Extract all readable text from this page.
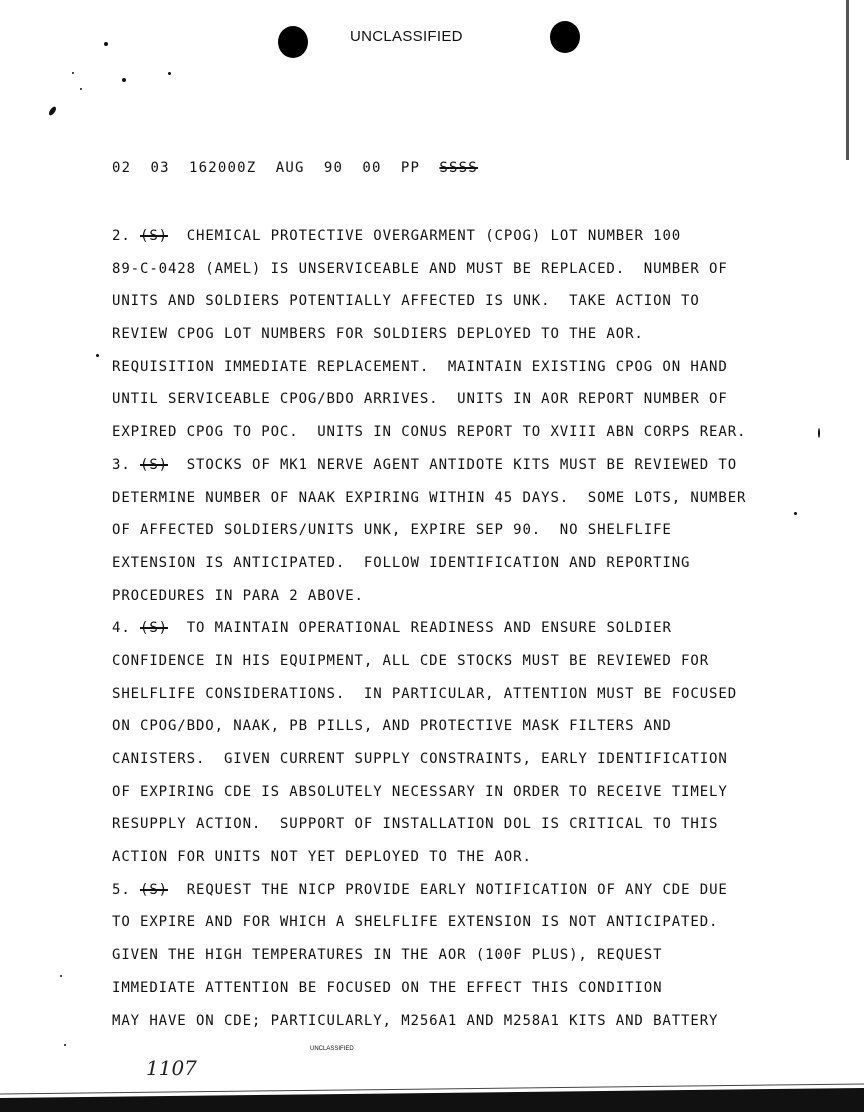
UNCLASSIFIED
02  03  162000Z  AUG  90  00  PP SSSS
2. (S) CHEMICAL PROTECTIVE OVERGARMENT (CPOG) LOT NUMBER 100
89-C-0428 (AMEL) IS UNSERVICEABLE AND MUST BE REPLACED.  NUMBER OF
UNITS AND SOLDIERS POTENTIALLY AFFECTED IS UNK.  TAKE ACTION TO
REVIEW CPOG LOT NUMBERS FOR SOLDIERS DEPLOYED TO THE AOR.
REQUISITION IMMEDIATE REPLACEMENT.  MAINTAIN EXISTING CPOG ON HAND
UNTIL SERVICEABLE CPOG/BDO ARRIVES.  UNITS IN AOR REPORT NUMBER OF
EXPIRED CPOG TO POC.  UNITS IN CONUS REPORT TO XVIII ABN CORPS REAR.
3. (S) STOCKS OF MK1 NERVE AGENT ANTIDOTE KITS MUST BE REVIEWED TO
DETERMINE NUMBER OF NAAK EXPIRING WITHIN 45 DAYS.  SOME LOTS, NUMBER
OF AFFECTED SOLDIERS/UNITS UNK, EXPIRE SEP 90.  NO SHELFLIFE
EXTENSION IS ANTICIPATED.  FOLLOW IDENTIFICATION AND REPORTING
PROCEDURES IN PARA 2 ABOVE.
4. (S) TO MAINTAIN OPERATIONAL READINESS AND ENSURE SOLDIER
CONFIDENCE IN HIS EQUIPMENT, ALL CDE STOCKS MUST BE REVIEWED FOR
SHELFLIFE CONSIDERATIONS.  IN PARTICULAR, ATTENTION MUST BE FOCUSED
ON CPOG/BDO, NAAK, PB PILLS, AND PROTECTIVE MASK FILTERS AND
CANISTERS.  GIVEN CURRENT SUPPLY CONSTRAINTS, EARLY IDENTIFICATION
OF EXPIRING CDE IS ABSOLUTELY NECESSARY IN ORDER TO RECEIVE TIMELY
RESUPPLY ACTION.  SUPPORT OF INSTALLATION DOL IS CRITICAL TO THIS
ACTION FOR UNITS NOT YET DEPLOYED TO THE AOR.
5. (S) REQUEST THE NICP PROVIDE EARLY NOTIFICATION OF ANY CDE DUE
TO EXPIRE AND FOR WHICH A SHELFLIFE EXTENSION IS NOT ANTICIPATED.
GIVEN THE HIGH TEMPERATURES IN THE AOR (100F PLUS), REQUEST
IMMEDIATE ATTENTION BE FOCUSED ON THE EFFECT THIS CONDITION
MAY HAVE ON CDE; PARTICULARLY, M256A1 AND M258A1 KITS AND BATTERY
UNCLASSIFIED
1107
